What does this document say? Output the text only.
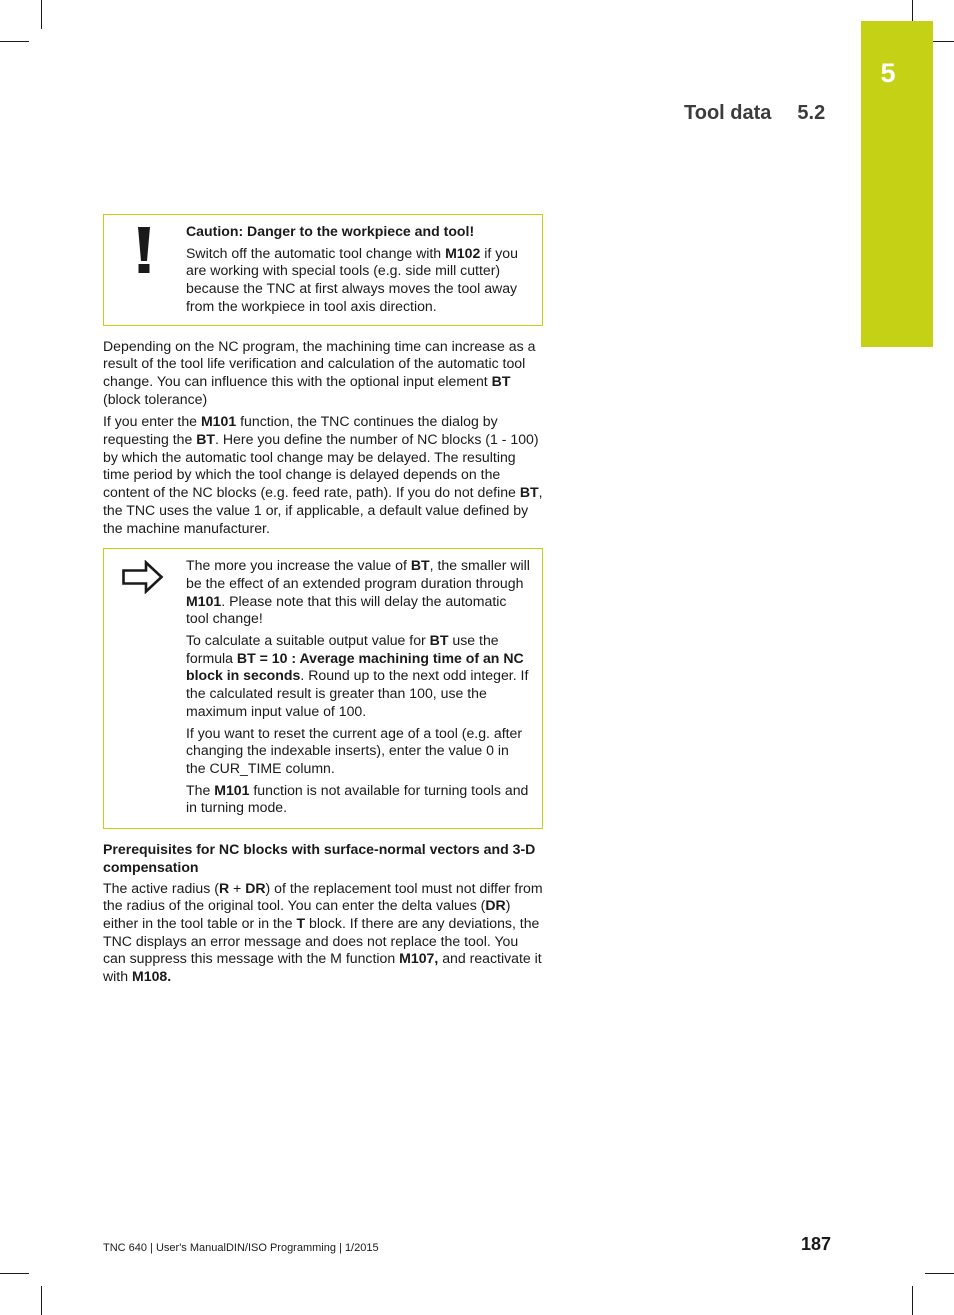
5
Tool data 5.2
Caution: Danger to the workpiece and tool!

Switch off the automatic tool change with M102 if you are working with special tools (e.g. side mill cutter) because the TNC at first always moves the tool away from the workpiece in tool axis direction.

Depending on the NC program, the machining time can increase as a result of the tool life verification and calculation of the automatic tool change. You can influence this with the optional input element BT (block tolerance)

If you enter the M101 function, the TNC continues the dialog by requesting the BT. Here you define the number of NC blocks (1 - 100) by which the automatic tool change may be delayed. The resulting time period by which the tool change is delayed depends on the content of the NC blocks (e.g. feed rate, path). If you do not define BT, the TNC uses the value 1 or, if applicable, a default value defined by the machine manufacturer.

The more you increase the value of BT, the smaller will be the effect of an extended program duration through M101. Please note that this will delay the automatic tool change!

To calculate a suitable output value for BT use the formula BT = 10 : Average machining time of an NC block in seconds. Round up to the next odd integer. If the calculated result is greater than 100, use the maximum input value of 100.

If you want to reset the current age of a tool (e.g. after changing the indexable inserts), enter the value 0 in the CUR_TIME column.

The M101 function is not available for turning tools and in turning mode.

Prerequisites for NC blocks with surface-normal vectors and 3-D compensation

The active radius (R + DR) of the replacement tool must not differ from the radius of the original tool. You can enter the delta values (DR) either in the tool table or in the T block. If there are any deviations, the TNC displays an error message and does not replace the tool. You can suppress this message with the M function M107, and reactivate it with M108.

TNC 640 | User's ManualDIN/ISO Programming | 1/2015	187
